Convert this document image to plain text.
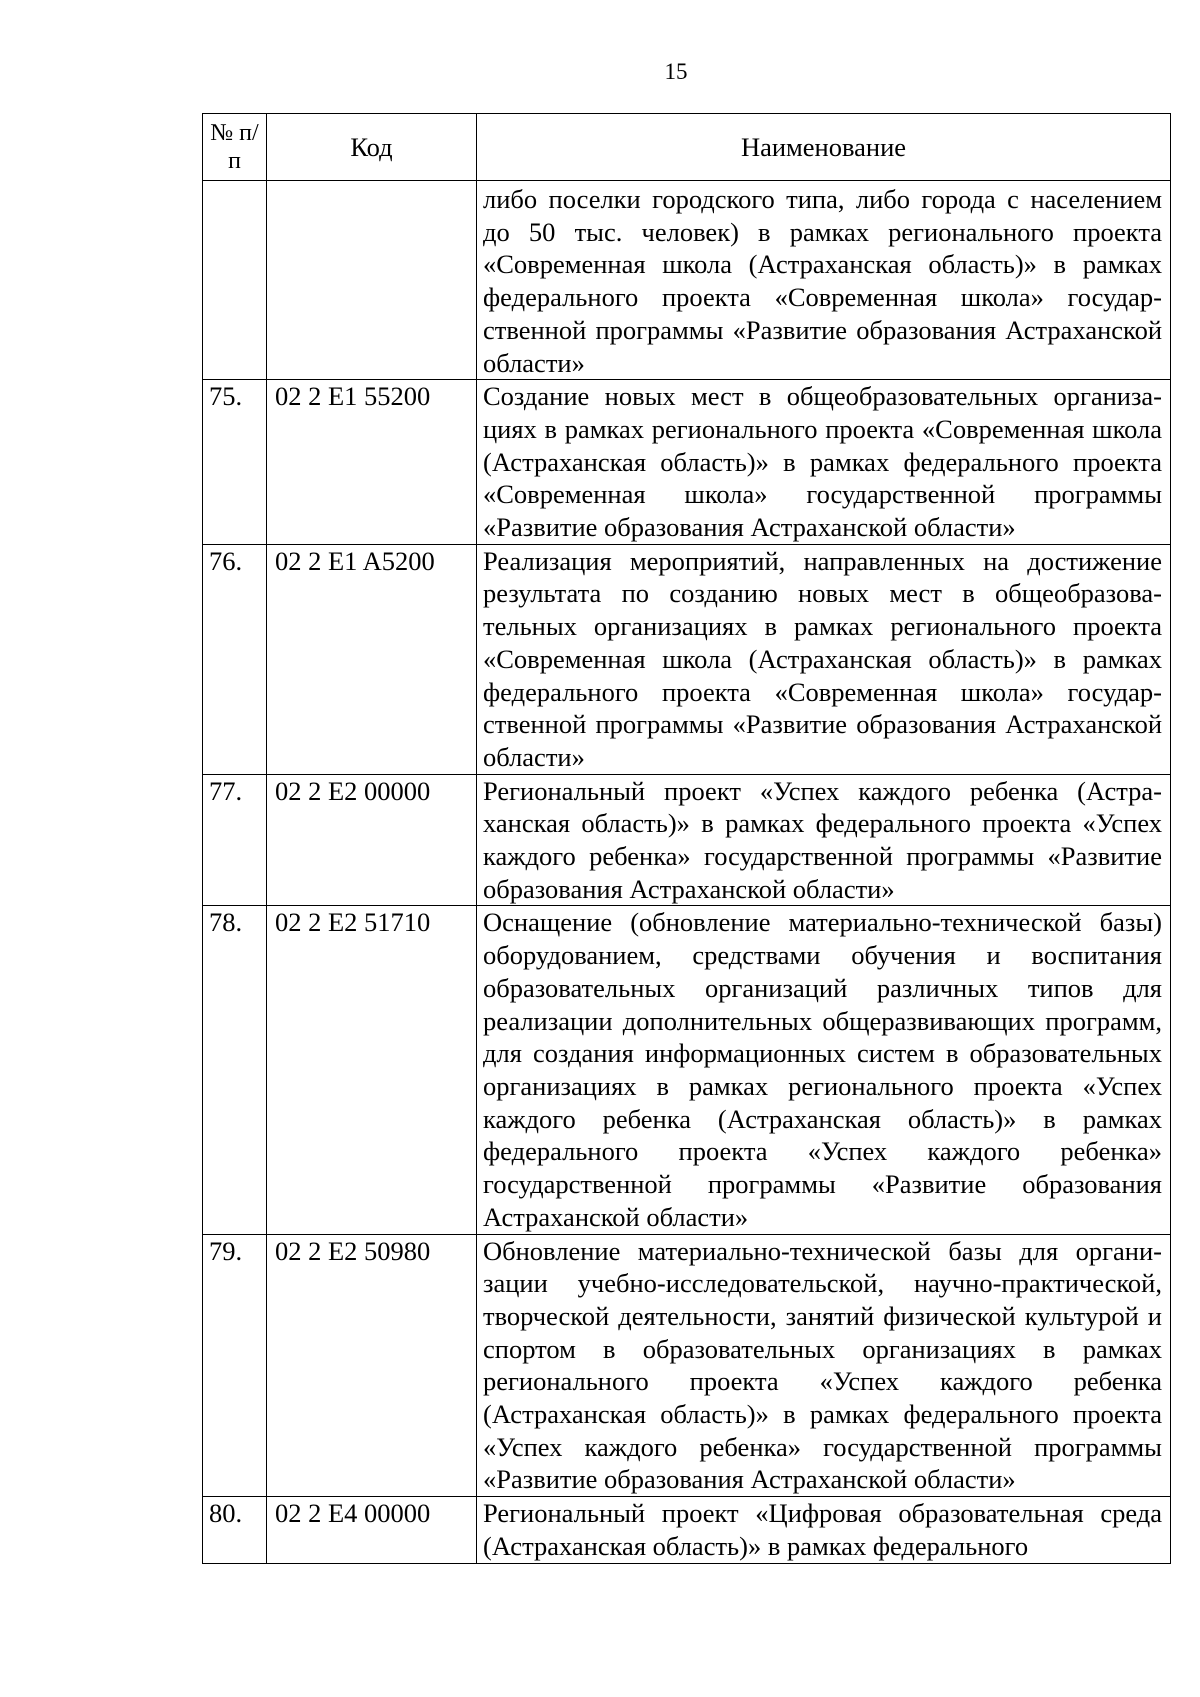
15
№ п/п	Код	Наименование
		либо поселки городского типа, либо города с населением до 50 тыс. человек) в рамках регионального проекта «Современная школа (Астраханская область)» в рамках федерального проекта «Современная школа» государственной программы «Развитие образования Астраханской области»
75.	02 2 E1 55200	Создание новых мест в общеобразовательных организациях в рамках регионального проекта «Современная школа (Астраханская область)» в рамках федерального проекта «Современная школа» государственной программы «Развитие образования Астраханской области»
76.	02 2 E1 A5200	Реализация мероприятий, направленных на достижение результата по созданию новых мест в общеобразовательных организациях в рамках регионального проекта «Современная школа (Астраханская область)» в рамках федерального проекта «Современная школа» государственной программы «Развитие образования Астраханской области»
77.	02 2 E2 00000	Региональный проект «Успех каждого ребенка (Астраханская область)» в рамках федерального проекта «Успех каждого ребенка» государственной программы «Развитие образования Астраханской области»
78.	02 2 E2 51710	Оснащение (обновление материально-технической базы) оборудованием, средствами обучения и воспитания образовательных организаций различных типов для реализации дополнительных общеразвивающих программ, для создания информационных систем в образовательных организациях в рамках регионального проекта «Успех каждого ребенка (Астраханская область)» в рамках федерального проекта «Успех каждого ребенка» государственной программы «Развитие образования Астраханской области»
79.	02 2 E2 50980	Обновление материально-технической базы для организации учебно-исследовательской, научно-практической, творческой деятельности, занятий физической культурой и спортом в образовательных организациях в рамках регионального проекта «Успех каждого ребенка (Астраханская область)» в рамках федерального проекта «Успех каждого ребенка» государственной программы «Развитие образования Астраханской области»
80.	02 2 E4 00000	Региональный проект «Цифровая образовательная среда (Астраханская область)» в рамках федерального
